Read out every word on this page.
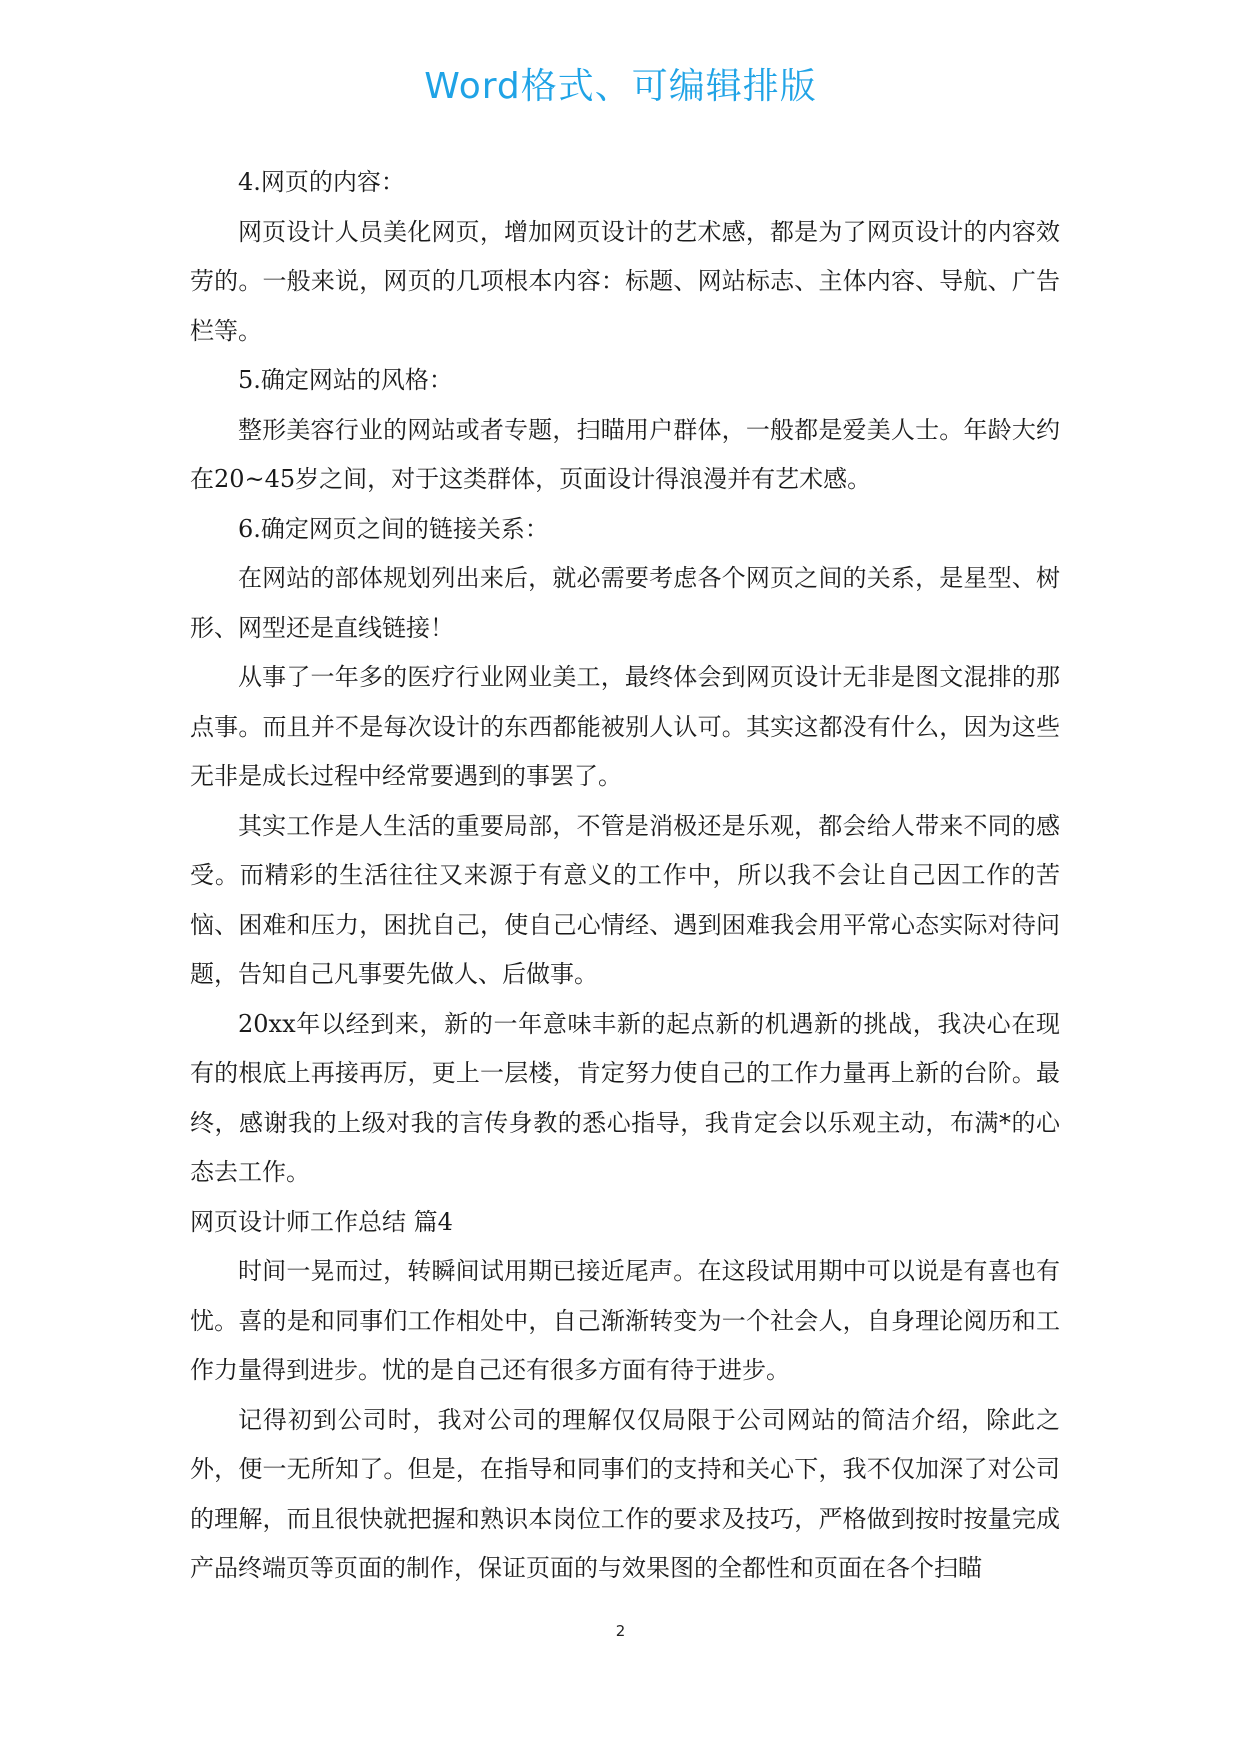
Word格式、可编辑排版

4.网页的内容：

网页设计人员美化网页，增加网页设计的艺术感，都是为了网页设计的内容效劳的。一般来说，网页的几项根本内容：标题、网站标志、主体内容、导航、广告栏等。

5.确定网站的风格：

整形美容行业的网站或者专题，扫瞄用户群体，一般都是爱美人士。年龄大约在20~45岁之间，对于这类群体，页面设计得浪漫并有艺术感。

6.确定网页之间的链接关系：

在网站的部体规划列出来后，就必需要考虑各个网页之间的关系，是星型、树形、网型还是直线链接！

从事了一年多的医疗行业网业美工，最终体会到网页设计无非是图文混排的那点事。而且并不是每次设计的东西都能被别人认可。其实这都没有什么，因为这些无非是成长过程中经常要遇到的事罢了。

其实工作是人生活的重要局部，不管是消极还是乐观，都会给人带来不同的感受。而精彩的生活往往又来源于有意义的工作中，所以我不会让自己因工作的苦恼、困难和压力，困扰自己，使自己心情经、遇到困难我会用平常心态实际对待问题，告知自己凡事要先做人、后做事。

20xx年以经到来，新的一年意味丰新的起点新的机遇新的挑战，我决心在现有的根底上再接再厉，更上一层楼，肯定努力使自己的工作力量再上新的台阶。最终，感谢我的上级对我的言传身教的悉心指导，我肯定会以乐观主动，布满*的心态去工作。

网页设计师工作总结 篇4

时间一晃而过，转瞬间试用期已接近尾声。在这段试用期中可以说是有喜也有忧。喜的是和同事们工作相处中，自己渐渐转变为一个社会人，自身理论阅历和工作力量得到进步。忧的是自己还有很多方面有待于进步。

记得初到公司时，我对公司的理解仅仅局限于公司网站的简洁介绍，除此之外，便一无所知了。但是，在指导和同事们的支持和关心下，我不仅加深了对公司的理解，而且很快就把握和熟识本岗位工作的要求及技巧，严格做到按时按量完成产品终端页等页面的制作，保证页面的与效果图的全都性和页面在各个扫瞄

2
